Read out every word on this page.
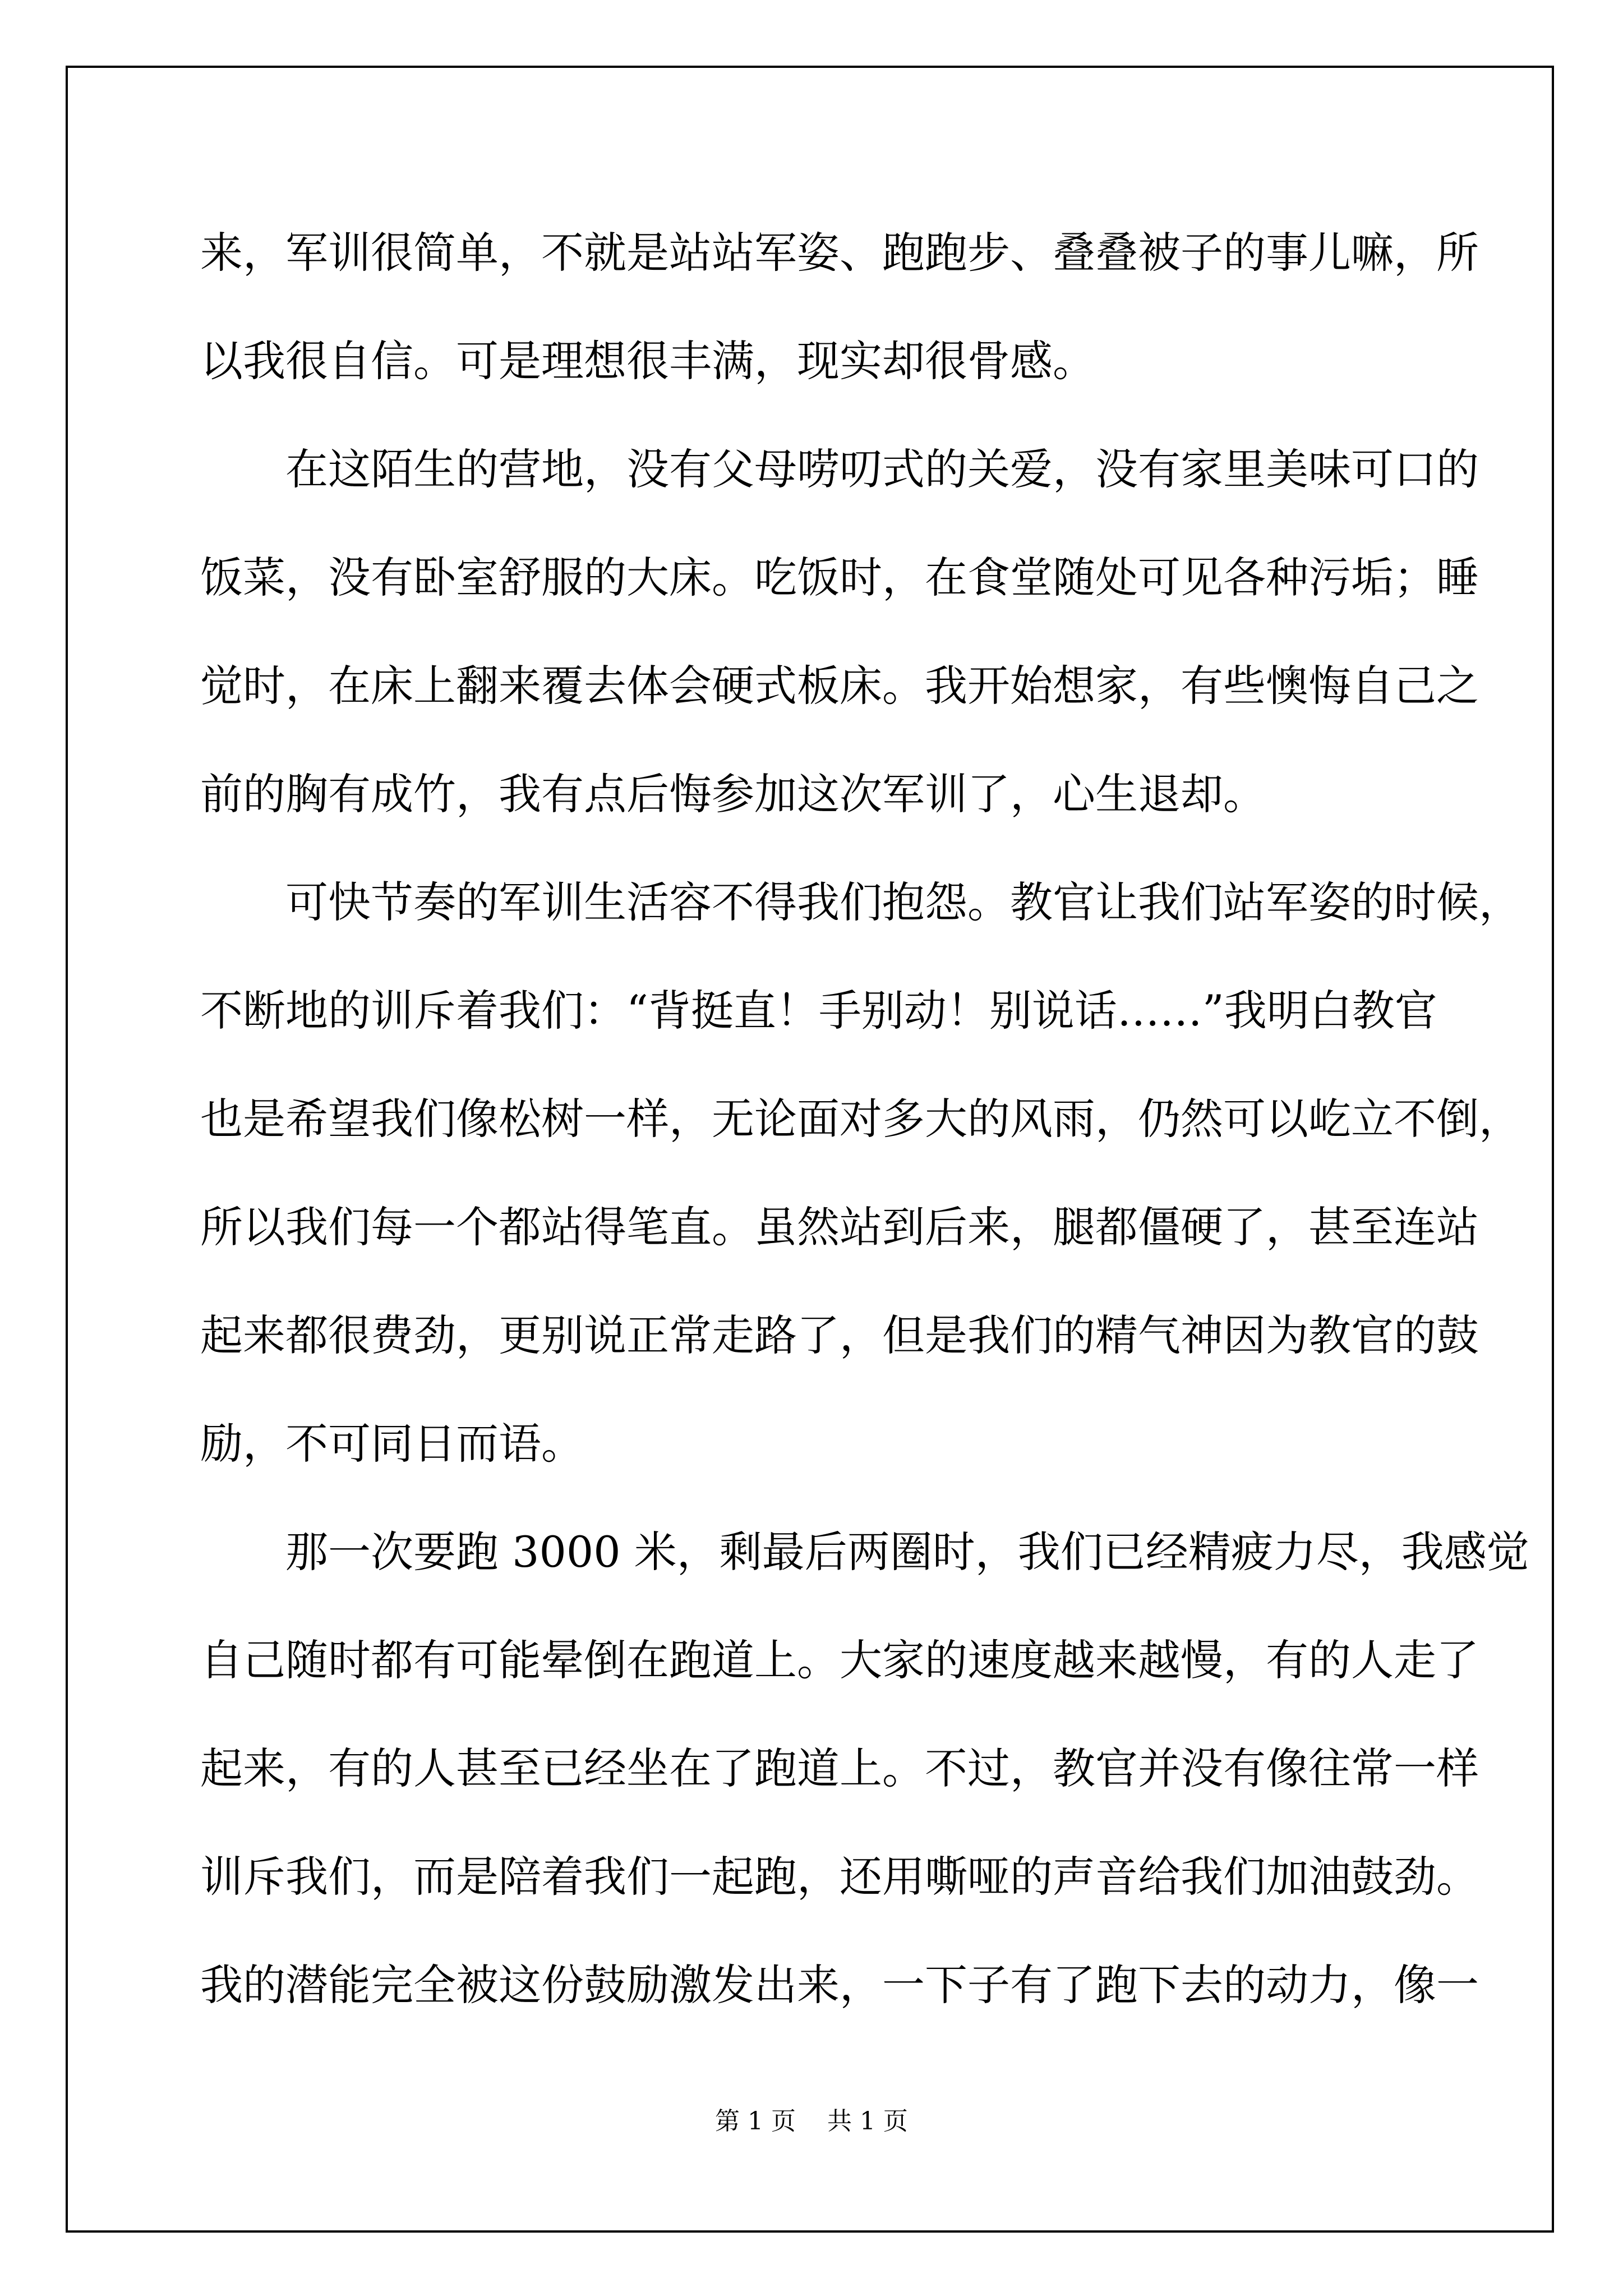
来，军训很简单，不就是站站军姿、跑跑步、叠叠被子的事儿嘛，所
以我很自信。可是理想很丰满，现实却很骨感。
在这陌生的营地，没有父母唠叨式的关爱，没有家里美味可口的
饭菜，没有卧室舒服的大床。吃饭时，在食堂随处可见各种污垢；睡
觉时，在床上翻来覆去体会硬式板床。我开始想家，有些懊悔自己之
前的胸有成竹，我有点后悔参加这次军训了，心生退却。
可快节奏的军训生活容不得我们抱怨。教官让我们站军姿的时候，
不断地的训斥着我们：“背挺直！手别动！别说话……”我明白教官
也是希望我们像松树一样，无论面对多大的风雨，仍然可以屹立不倒，
所以我们每一个都站得笔直。虽然站到后来，腿都僵硬了，甚至连站
起来都很费劲，更别说正常走路了，但是我们的精气神因为教官的鼓
励，不可同日而语。
那一次要跑 3000 米，剩最后两圈时，我们已经精疲力尽，我感觉
自己随时都有可能晕倒在跑道上。大家的速度越来越慢，有的人走了
起来，有的人甚至已经坐在了跑道上。不过，教官并没有像往常一样
训斥我们，而是陪着我们一起跑，还用嘶哑的声音给我们加油鼓劲。
我的潜能完全被这份鼓励激发出来，一下子有了跑下去的动力，像一
第 1 页    共 1 页
